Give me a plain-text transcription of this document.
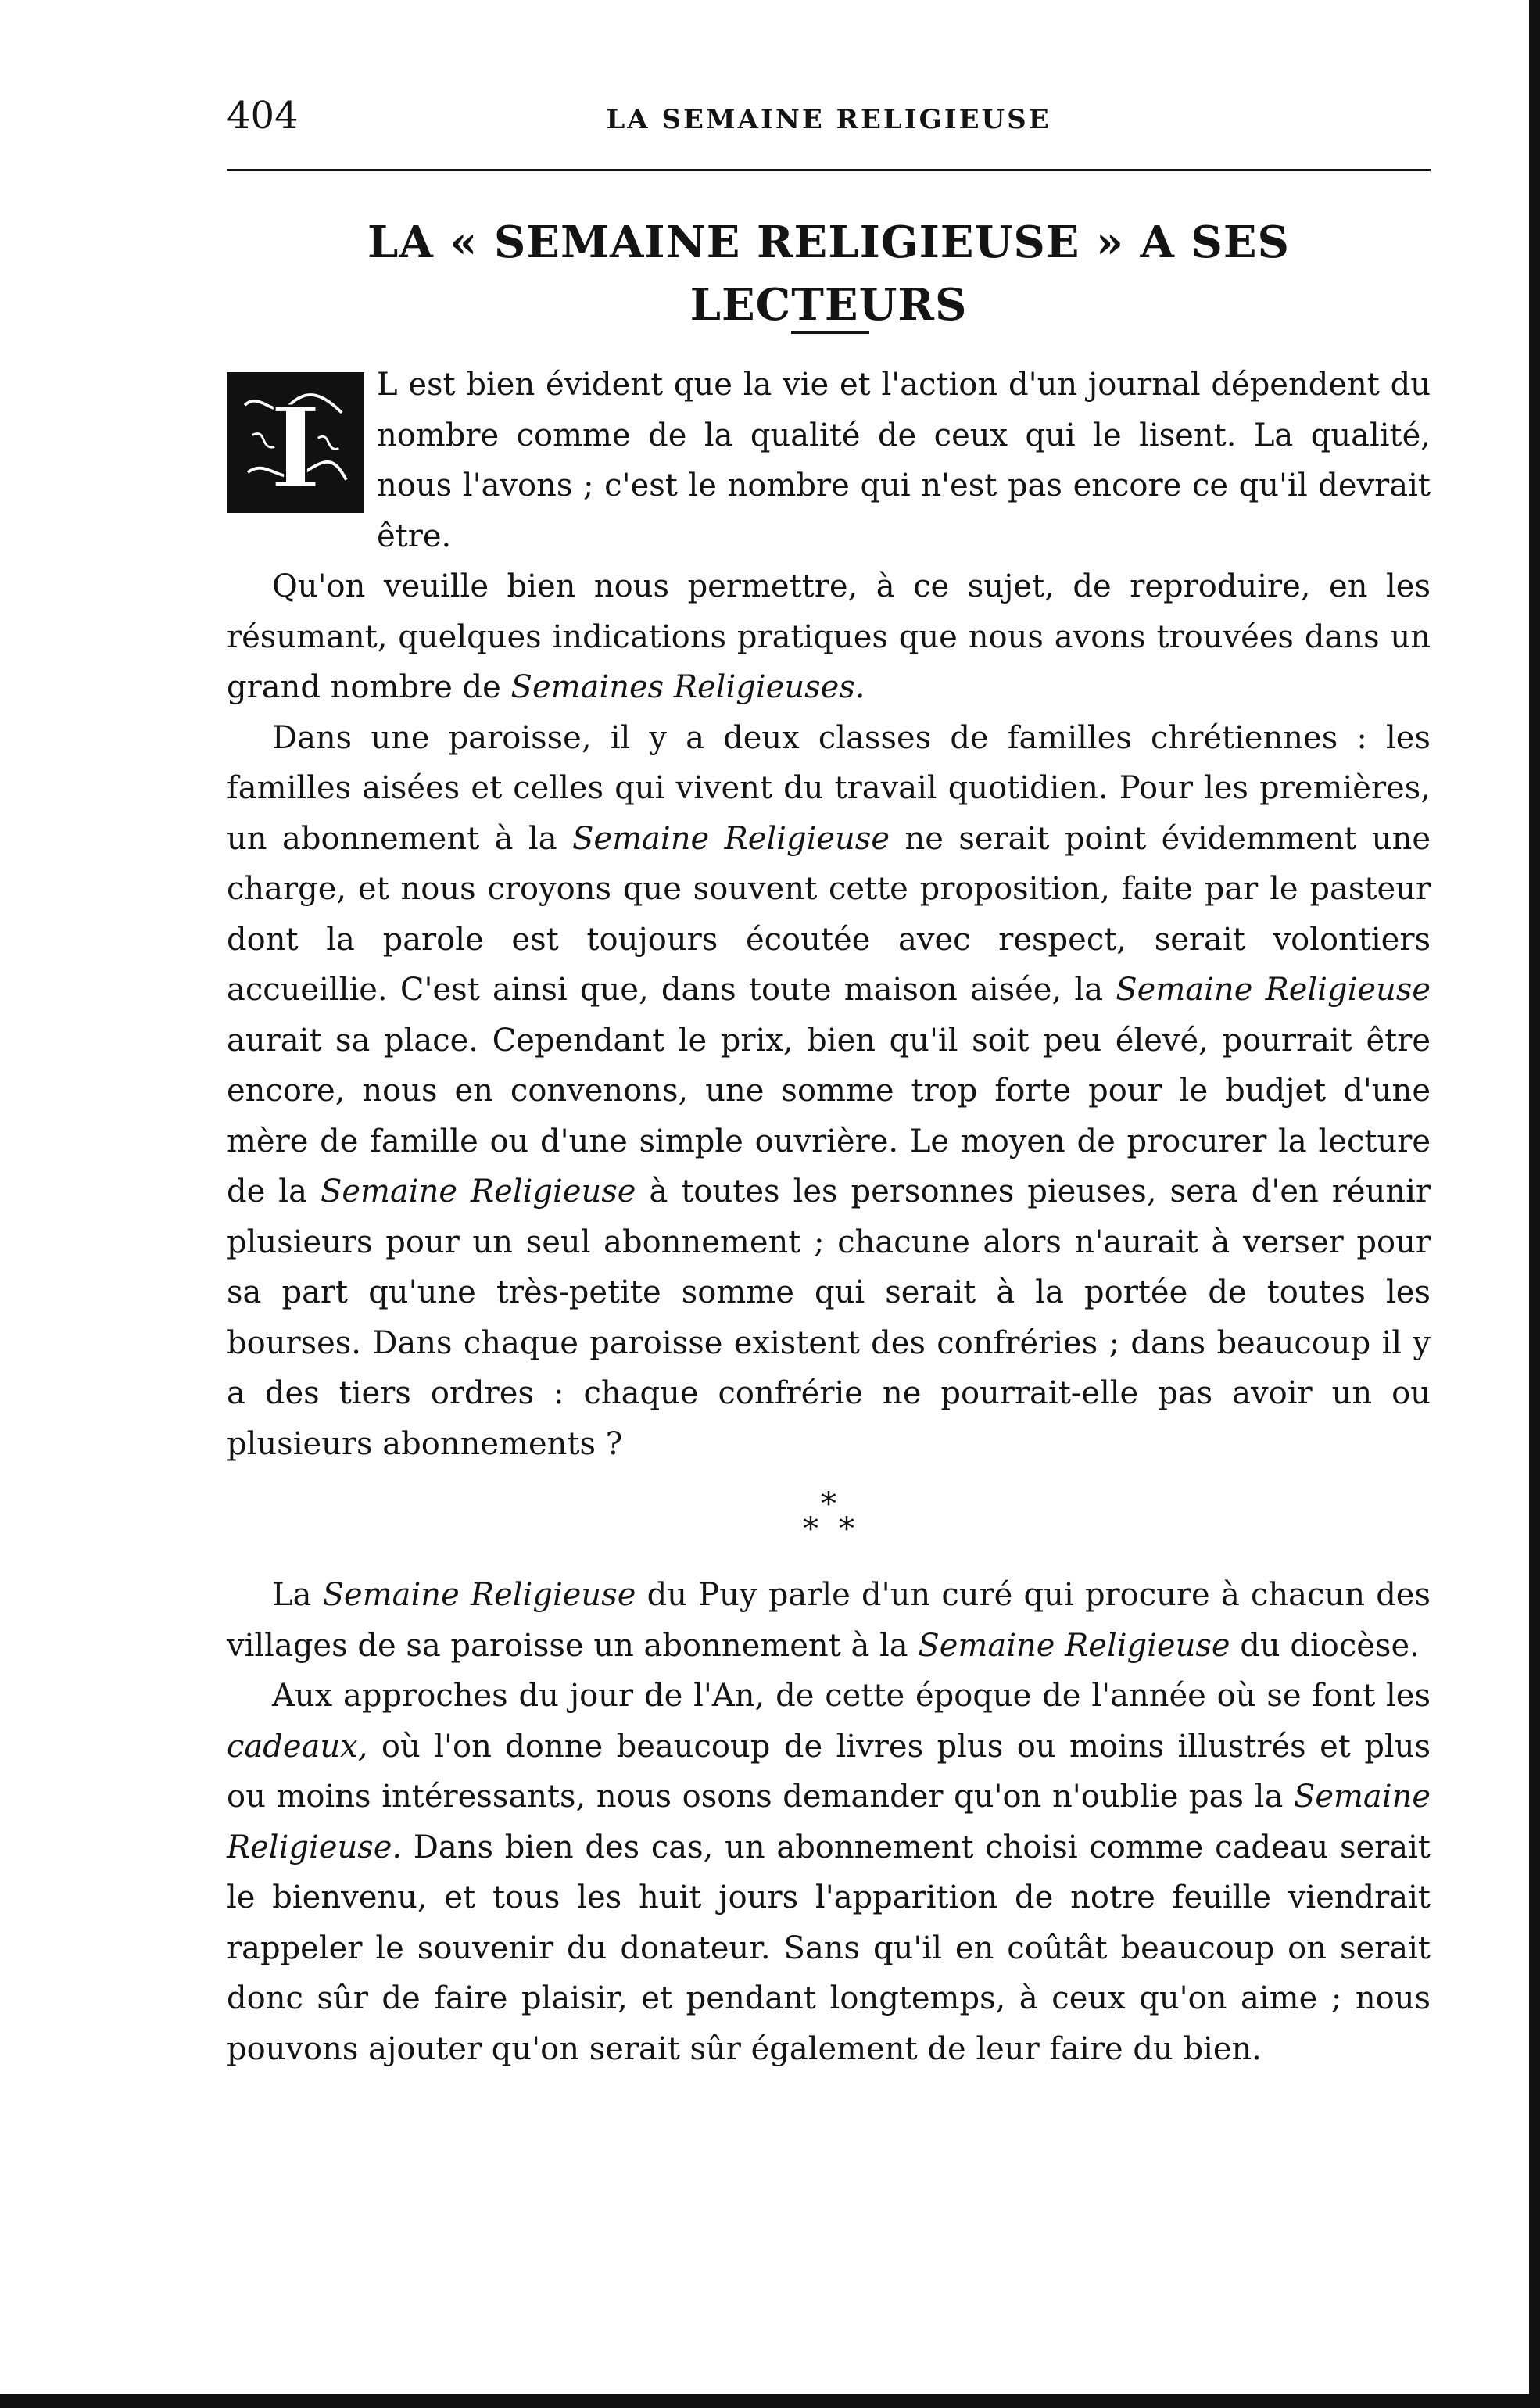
404	LA SEMAINE RELIGIEUSE
LA « SEMAINE RELIGIEUSE » A SES LECTEURS

I L est bien évident que la vie et l'action d'un journal dépendent du nombre comme de la qualité de ceux qui le lisent. La qualité, nous l'avons ; c'est le nombre qui n'est pas encore ce qu'il devrait être.

Qu'on veuille bien nous permettre, à ce sujet, de reproduire, en les résumant, quelques indications pratiques que nous avons trouvées dans un grand nombre de Semaines Religieuses.

Dans une paroisse, il y a deux classes de familles chrétiennes : les familles aisées et celles qui vivent du travail quotidien. Pour les premières, un abonnement à la Semaine Religieuse ne serait point évidemment une charge, et nous croyons que souvent cette proposition, faite par le pasteur dont la parole est toujours écoutée avec respect, serait volontiers accueillie. C'est ainsi que, dans toute maison aisée, la Semaine Religieuse aurait sa place. Cependant le prix, bien qu'il soit peu élevé, pourrait être encore, nous en convenons, une somme trop forte pour le budjet d'une mère de famille ou d'une simple ouvrière. Le moyen de procurer la lecture de la Semaine Religieuse à toutes les personnes pieuses, sera d'en réunir plusieurs pour un seul abonnement ; chacune alors n'aurait à verser pour sa part qu'une très-petite somme qui serait à la portée de toutes les bourses. Dans chaque paroisse existent des confréries ; dans beaucoup il y a des tiers ordres : chaque confrérie ne pourrait-elle pas avoir un ou plusieurs abonnements ?

*
* *

La Semaine Religieuse du Puy parle d'un curé qui procure à chacun des villages de sa paroisse un abonnement à la Semaine Religieuse du diocèse.

Aux approches du jour de l'An, de cette époque de l'année où se font les cadeaux, où l'on donne beaucoup de livres plus ou moins illustrés et plus ou moins intéressants, nous osons demander qu'on n'oublie pas la Semaine Religieuse. Dans bien des cas, un abonnement choisi comme cadeau serait le bienvenu, et tous les huit jours l'apparition de notre feuille viendrait rappeler le souvenir du donateur. Sans qu'il en coûtât beaucoup on serait donc sûr de faire plaisir, et pendant longtemps, à ceux qu'on aime ; nous pouvons ajouter qu'on serait sûr également de leur faire du bien.
